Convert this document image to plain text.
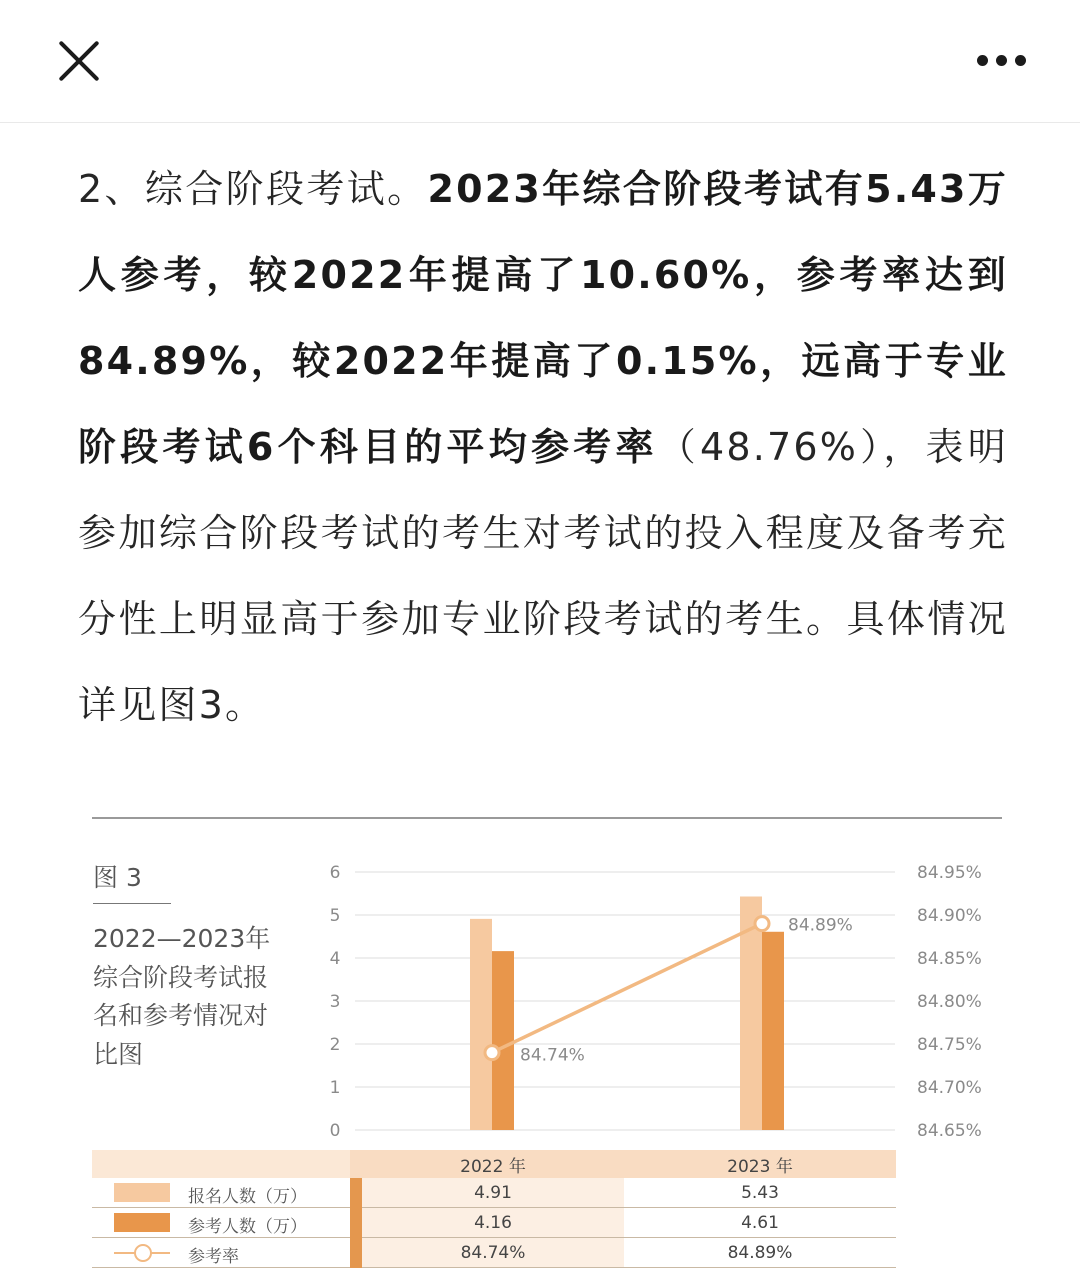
2、综合阶段考试。2023年综合阶段考试有5.43万人参考，较2022年提高了10.60%，参考率达到84.89%，较2022年提高了0.15%，远高于专业阶段考试6个科目的平均参考率（48.76%），表明参加综合阶段考试的考生对考试的投入程度及备考充分性上明显高于参加专业阶段考试的考生。具体情况详见图3。
图 3
2022—2023年综合阶段考试报名和参考情况对比图
0
1
2
3
4
5
6
84.65%
84.70%
84.75%
84.80%
84.85%
84.90%
84.95%
84.74%
84.89%
		2022 年	2023 年

报名人数（万）		4.91	5.43

参考人数（万）		4.16	4.61

参考率		84.74%	84.89%
